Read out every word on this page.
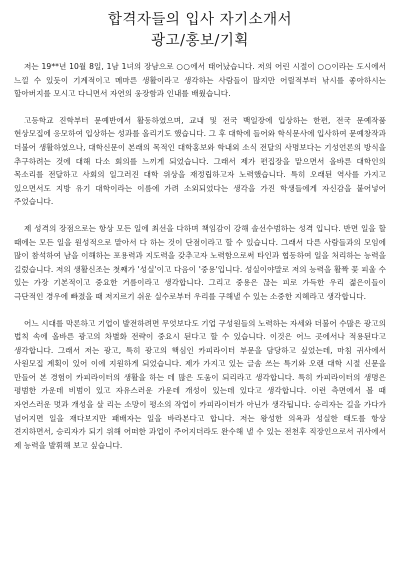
합격자들의 입사 자기소개서
광고/홍보/기획

저는 19**년 10월 8일, 1남 1녀의 장남으로 ○○에서 태어났습니다. 저의 어린 시절이 ○○이라는 도시에서 느낄 수 있듯이 기계적이고 메마른 생활이라고 생각하는 사람들이 많지만 어릴적부터 낚시를 좋아하시는 할아버지를 모시고 다니면서 자연의 웅장함과 인내를 배웠습니다.

고등학교 진학부터 문예반에서 활동하였으며, 교내 및 전국 백일장에 입상하는 한편, 전국 문예작품 현상모집에 응모하여 입상하는 성과를 올리기도 했습니다. 그 후 대학에 들어와 학식문사에 입사하여 문예창작과 더불어 생활하였으나, 대학신문이 본래의 목적인 대학홍보와 학내외 소식 전달의 사명보다는 기성언론의 방식을 추구하려는 것에 대해 다소 회의를 느끼게 되었습니다. 그래서 제가 편집장을 맡으면서 올바른 대학인의 목소리를 전달하고 사회의 일그러진 대학 위상을 재정립하고자 노력했습니다. 특히 오래된 역사를 가지고 있으면서도 지방 유기 대학이라는 이름에 가려 소외되었다는 생각을 가진 학생들에게 자신감을 붙어넣어 주었습니다.

제 성격의 장점으로는 항상 모든 일에 최선을 다하며 책임감이 강해 솔선수범하는 성격 입니다. 반면 일을 할 때에는 모든 일을 원성적으로 맡아서 다 하는 것이 단점이라고 할 수 있습니다. 그래서 다른 사람들과의 모임에 많이 참석하여 남을 이해하는 포용력과 지도력을 갖추고자 노력함으로써 타인과 협동하여 일을 처리하는 능력을 길렀습니다. 저의 생활신조는 첫째가 '성실'이고 다음이 '중용'입니다. 성실이야말로 저의 능력을 활짝 꽃 피울 수 있는 가장 기본적이고 중요한 거름이라고 생각합니다. 그리고 중용은 끊는 피로 가득한 우리 젊은이들이 극단적인 경우에 빠졌을 때 저지르기 쉬운 실수로부터 우리를 구해낼 수 있는 소중한 지혜라고 생각합니다.

어느 시대를 막론하고 기업이 발전하려면 무엇보다도 기업 구성원들의 노력하는 자세와 더불어 수많은 광고의 법칙 속에 올바른 광고의 차별화 전략이 중요시 된다고 할 수 있습니다. 이것은 어느 곳에서나 적용된다고 생각합니다. 그래서 저는 광고, 특히 광고의 핵심인 카피라이터 부문을 담당하고 싶었는데, 마침 귀사에서 사원모집 계획이 있어 이에 지원하게 되었습니다. 제가 가지고 있는 글솜 쓰는 특기와 오랜 대학 시절 신문을 만들어 본 경험이 카피라이터의 생활을 하는 데 많은 도움이 되리라고 생각합니다. 특히 카피라이터의 생명은 평범한 가운데 비범이 있고 자유스러운 가운데 개성이 있는데 있다고 생각합니다. 이런 측면에서 볼 때 자연스러운 멋과 개성을 살 리는 소망이 평소의 작업이 카피라이터가 아닌가 생각됩니다. 승리자는 길을 가다가 넘어지면 일을 재다보지만 패배자는 일을 바라본다고 합니다. 저는 왕성한 의욕과 성실한 태도를 항상 견지하면서, 승리자가 되기 위해 어떠한 과업이 주어지더라도 완수해 낼 수 있는 전천후 직장인으로서 귀사에서 제 능력을 발휘해 보고 싶습니다.
